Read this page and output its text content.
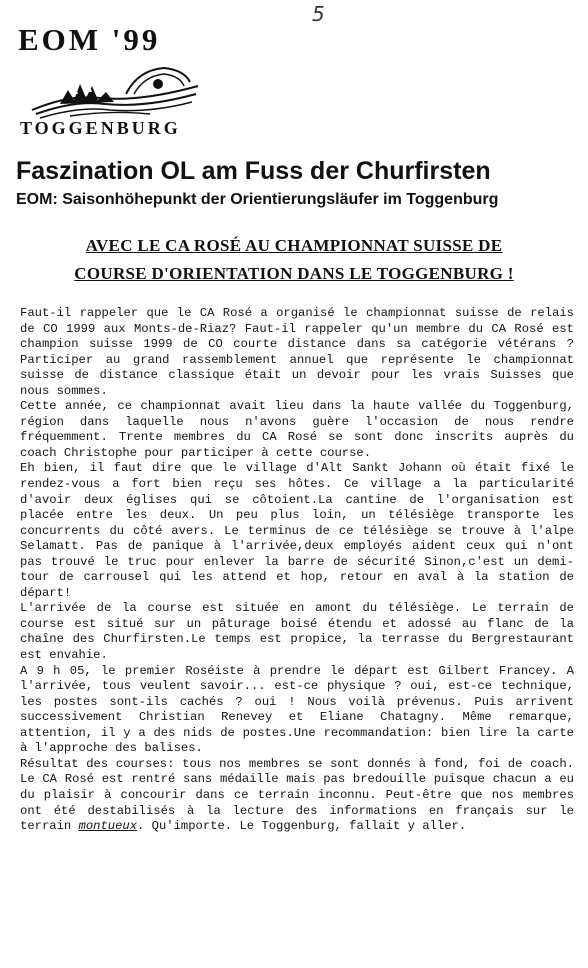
5
EOM '99
TOGGENBURG
Faszination OL am Fuss der Churfirsten
EOM: Saisonhöhepunkt der Orientierungsläufer im Toggenburg
AVEC LE CA ROSÉ AU CHAMPIONNAT SUISSE DE
COURSE D'ORIENTATION DANS LE TOGGENBURG !

Faut-il rappeler que le CA Rosé a organisé le championnat suisse de relais de CO 1999 aux Monts-de-Riaz? Faut-il rappeler qu'un membre du CA Rosé est champion suisse 1999 de CO courte distance dans sa catégorie vétérans ? Participer au grand rassemblement annuel que représente le championnat suisse de distance classique était un devoir pour les vrais Suisses que nous sommes.

Cette année, ce championnat avait lieu dans la haute vallée du Toggenburg, région dans laquelle nous n'avons guère l'occasion de nous rendre fréquemment. Trente membres du CA Rosé se sont donc inscrits auprès du coach Christophe pour participer à cette course.

Eh bien, il faut dire que le village d'Alt Sankt Johann où était fixé le rendez-vous a fort bien reçu ses hôtes. Ce village a la particularité d'avoir deux églises qui se côtoient.La cantine de l'organisation est placée entre les deux. Un peu plus loin, un télésiège transporte les concurrents du côté avers. Le terminus de ce télésiège se trouve à l'alpe Selamatt. Pas de panique à l'arrivée,deux employés aident ceux qui n'ont pas trouvé le truc pour enlever la barre de sécurité Sinon,c'est un demi-tour de carrousel qui les attend et hop, retour en aval à la station de départ!

L'arrivée de la course est située en amont du télésiège. Le terrain de course est situé sur un pâturage boisé étendu et adossé au flanc de la chaîne des Churfirsten.Le temps est propice, la terrasse du Bergrestaurant est envahie.

A 9 h 05, le premier Roséiste à prendre le départ est Gilbert Francey. A l'arrivée, tous veulent savoir... est-ce physique ? oui, est-ce technique, les postes sont-ils cachés ? oui ! Nous voilà prévenus. Puis arrivent successivement Christian Renevey et Eliane Chatagny. Même remarque, attention, il y a des nids de postes.Une recommandation: bien lire la carte à l'approche des balises.

Résultat des courses: tous nos membres se sont donnés à fond, foi de coach. Le CA Rosé est rentré sans médaille mais pas bredouille puisque chacun a eu du plaisir à concourir dans ce terrain inconnu. Peut-être que nos membres ont été destabilisés à la lecture des informations en français sur le terrain montueux. Qu'importe. Le Toggenburg, fallait y aller.
